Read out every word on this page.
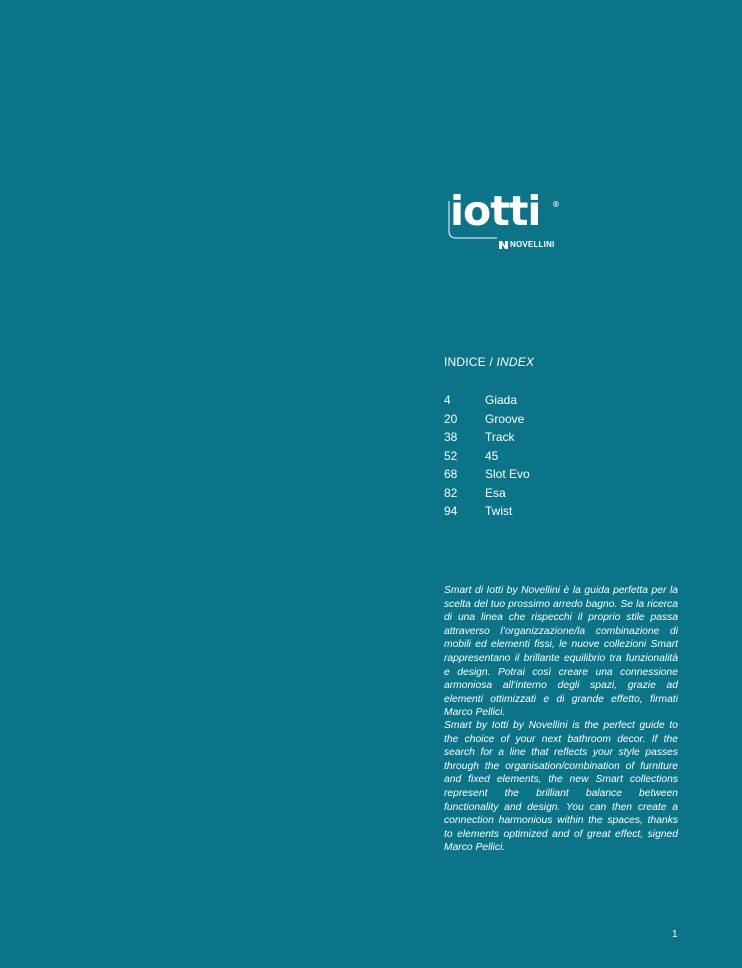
iotti ®
NOVELLINI
INDICE / INDEX
4	Giada
20	Groove
38	Track
52	45
68	Slot Evo
82	Esa
94	Twist

Smart di Iotti by Novellini è la guida perfetta per la scelta del tuo prossimo arredo bagno. Se la ricerca di una linea che rispecchi il proprio stile passa attraverso l’organizzazione/la combinazione di mobili ed elementi fissi, le nuove collezioni Smart rappresentano il brillante equilibrio tra funzionalità e design. Potrai così creare una connessione armoniosa all’interno degli spazi, grazie ad elementi ottimizzati e di grande effetto, firmati Marco Pellici.

Smart by Iotti by Novellini is the perfect guide to the choice of your next bathroom decor. If the search for a line that reflects your style passes through the organisation/combination of furniture and fixed elements, the new Smart collections represent the brilliant balance between functionality and design. You can then create a connection harmonious within the spaces, thanks to elements optimized and of great effect, signed Marco Pellici.

1
